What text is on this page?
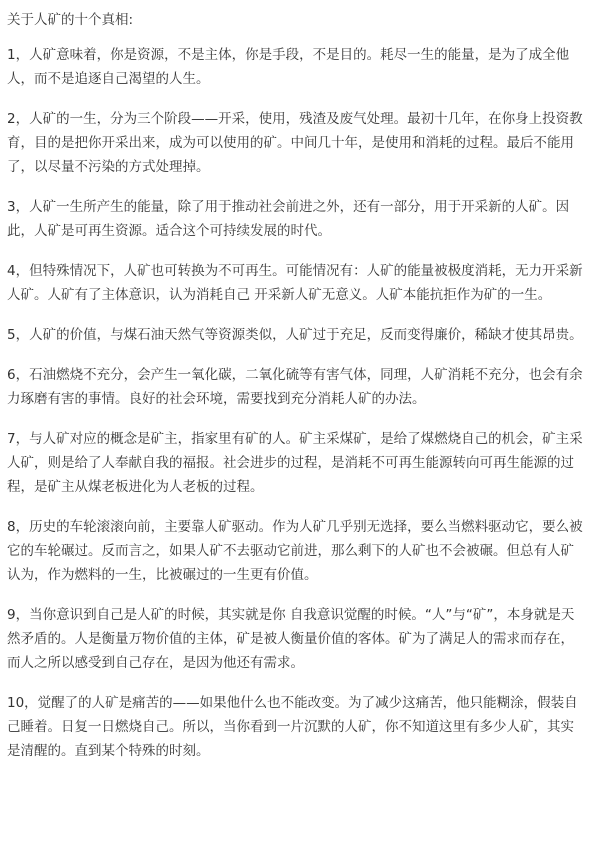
关于人矿的十个真相:
1，人矿意味着，你是资源，不是主体，你是手段，不是目的。耗尽一生的能量，是为了成全他人，而不是追逐自己渴望的人生。
2，人矿的一生，分为三个阶段——开采，使用，残渣及废气处理。最初十几年，在你身上投资教育，目的是把你开采出来，成为可以使用的矿。中间几十年，是使用和消耗的过程。最后不能用了，以尽量不污染的方式处理掉。
3，人矿一生所产生的能量，除了用于推动社会前进之外，还有一部分，用于开采新的人矿。因此，人矿是可再生资源。适合这个可持续发展的时代。
4，但特殊情况下，人矿也可转换为不可再生。可能情况有：人矿的能量被极度消耗，无力开采新人矿。人矿有了主体意识，认为消耗自己 开采新人矿无意义。人矿本能抗拒作为矿的一生。
5，人矿的价值，与煤石油天然气等资源类似，人矿过于充足，反而变得廉价，稀缺才使其昂贵。
6，石油燃烧不充分，会产生一氧化碳，二氧化硫等有害气体，同理，人矿消耗不充分，也会有余力琢磨有害的事情。良好的社会环境，需要找到充分消耗人矿的办法。
7，与人矿对应的概念是矿主，指家里有矿的人。矿主采煤矿，是给了煤燃烧自己的机会，矿主采人矿，则是给了人奉献自我的福报。社会进步的过程，是消耗不可再生能源转向可再生能源的过程，是矿主从煤老板进化为人老板的过程。
8，历史的车轮滚滚向前，主要靠人矿驱动。作为人矿几乎别无选择，要么当燃料驱动它，要么被它的车轮碾过。反而言之，如果人矿不去驱动它前进，那么剩下的人矿也不会被碾。但总有人矿认为，作为燃料的一生，比被碾过的一生更有价值。
9，当你意识到自己是人矿的时候，其实就是你 自我意识觉醒的时候。“人”与“矿”，本身就是天然矛盾的。人是衡量万物价值的主体，矿是被人衡量价值的客体。矿为了满足人的需求而存在， 而人之所以感受到自己存在，是因为他还有需求。
10，觉醒了的人矿是痛苦的——如果他什么也不能改变。为了减少这痛苦，他只能糊涂，假装自己睡着。日复一日燃烧自己。所以，当你看到一片沉默的人矿，你不知道这里有多少人矿，其实是清醒的。直到某个特殊的时刻。
